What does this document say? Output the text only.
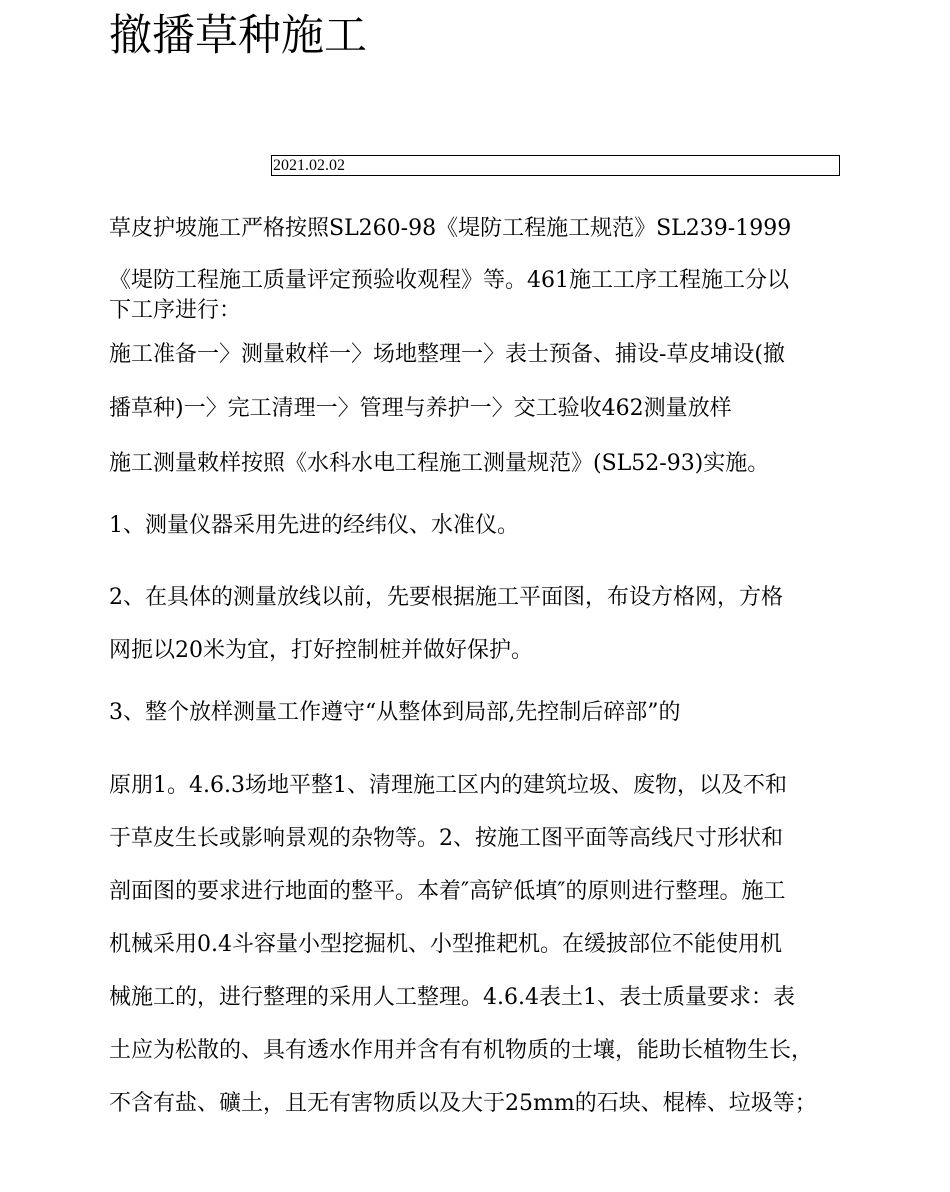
撤播草种施工
2021.02.02

草皮护坡施工严格按照SL260-98《堤防工程施工规范》SL239-1999

《堤防工程施工质量评定预验收观程》等。461施工工序工程施工分以

下工序进行：

施工准备一〉测量敕样一〉场地整理一〉表士预备、捕设-草皮埔设(撤

播草种)一〉完工清理一〉管理与养护一〉交工验收462测量放样

施工测量敕样按照《水科水电工程施工测量规范》(SL52-93)实施。

1、测量仪器采用先进的经纬仪、水准仪。

2、在具体的测量放线以前，先要根据施工平面图，布设方格网，方格

网扼以20米为宜，打好控制桩并做好保护。

3、整个放样测量工作遵守“从整体到局部,先控制后碎部”的

原朋1。4.6.3场地平整1、清理施工区内的建筑垃圾、废物，以及不和

于草皮生长或影响景观的杂物等。2、按施工图平面等高线尺寸形状和

剖面图的要求进行地面的整平。本着″高铲低填″的原则进行整理。施工

机械采用0.4斗容量小型挖掘机、小型推耙机。在缓披部位不能使用机

械施工的，进行整理的采用人工整理。4.6.4表土1、表士质量要求：表

土应为松散的、具有透水作用并含有有机物质的士壤，能助长植物生长，

不含有盐、礦土，且无有害物质以及大于25mm的石块、棍棒、垃圾等；
